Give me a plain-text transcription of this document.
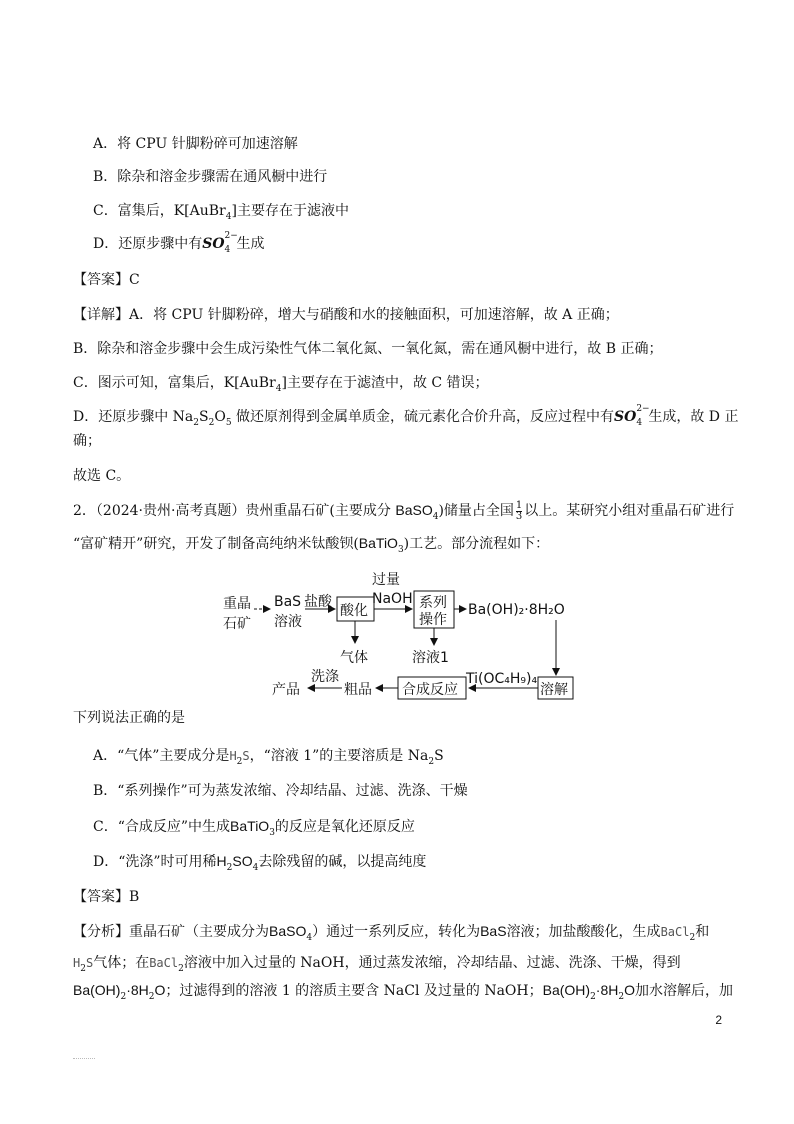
A．将 CPU 针脚粉碎可加速溶解
B．除杂和溶金步骤需在通风橱中进行
C．富集后，K[AuBr$_4$]主要存在于滤液中
D．还原步骤中有SO 2−
4 生成
【答案】C
【详解】A．将 CPU 针脚粉碎，增大与硝酸和水的接触面积，可加速溶解，故 A 正确；
B．除杂和溶金步骤中会生成污染性气体二氧化氮、一氧化氮，需在通风橱中进行，故 B 正确；
C．图示可知，富集后，K[AuBr$_4$]主要存在于滤渣中，故 C 错误；
D．还原步骤中 $Na_2S_2O_5$ 做还原剂得到金属单质金，硫元素化合价升高，反应过程中有SO 2−
4 生成，故 D 正
确；
故选 C。
2．（2024·贵州·高考真题）贵州重晶石矿(主要成分 BaSO$_4$)储量占全国 $\frac{1}{3}$ 以上。某研究小组对重晶石矿进行
“富矿精开”研究，开发了制备高纯纳米钛酸钡(BaTiO$_3$)工艺。部分流程如下：
重晶
石矿
BaS
溶液
盐酸
酸化
气体
过量
NaOH 系列
操作
溶液1
Ba(OH)₂·8H₂O
溶解
Ti(OC₄H₉)₄
合成反应
粗品
洗涤
产品
下列说法正确的是
A．“气体”主要成分是$H_2S$，“溶液 1”的主要溶质是 $Na_2S$
B．“系列操作”可为蒸发浓缩、冷却结晶、过滤、洗涤、干燥
C．“合成反应”中生成BaTiO$_3$的反应是氧化还原反应
D．“洗涤”时可用稀$H_2SO_4$去除残留的碱，以提高纯度
【答案】B
【分析】重晶石矿（主要成分为BaSO$_4$）通过一系列反应，转化为BaS溶液；加盐酸酸化，生成BaCl$_2$和
$H_2S$气体；在BaCl$_2$溶液中加入过量的 NaOH，通过蒸发浓缩，冷却结晶、过滤、洗涤、干燥，得到
$Ba(OH)_2\cdot 8H_2O$；过滤得到的溶液 1 的溶质主要含 NaCl 及过量的 NaOH；$Ba(OH)_2\cdot 8H_2O$加水溶解后，加
2
